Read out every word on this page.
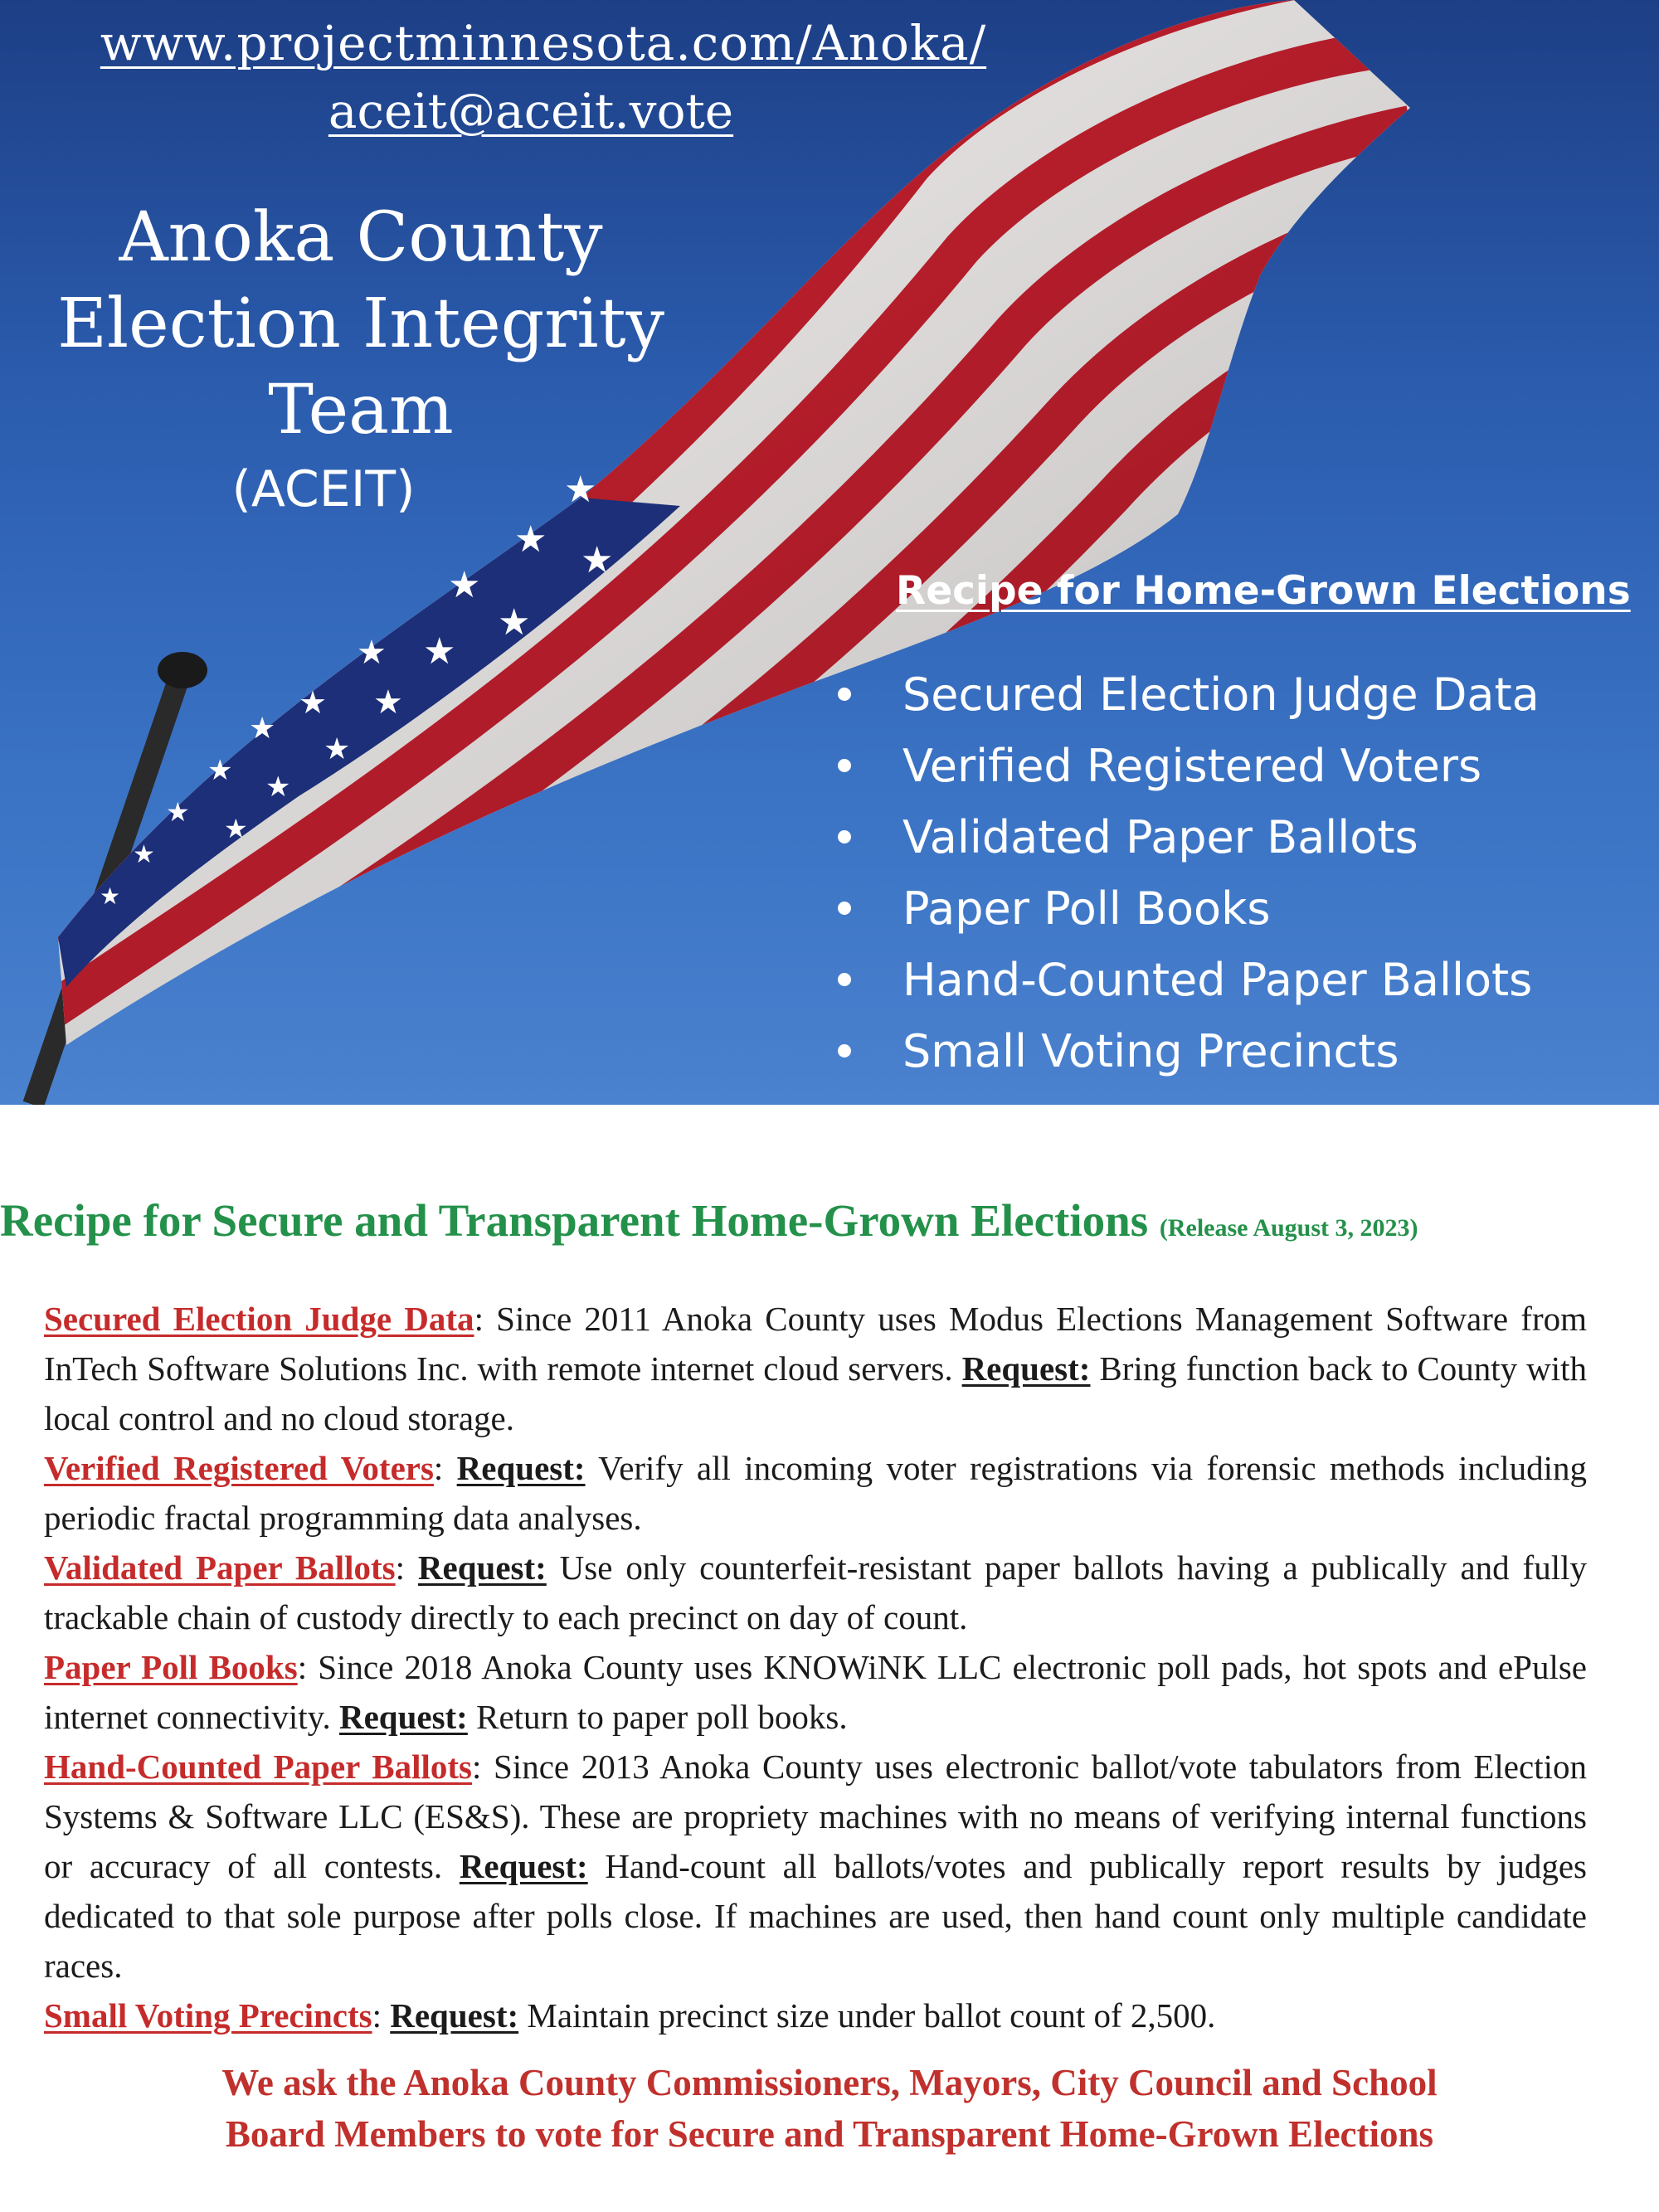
★
★ ★
★
★
★
★
★
★
★
★
★ ★
★
★
★
★
www.projectminnesota.com/Anoka/
aceit@aceit.vote
Anoka County
Election Integrity
Team
(ACEIT)
Recipe for Home-Grown Elections
Secured Election Judge Data
Verified Registered Voters
Validated Paper Ballots
Paper Poll Books
Hand-Counted Paper Ballots
Small Voting Precincts
Recipe for Secure and Transparent Home-Grown Elections (Release August 3, 2023)

Secured Election Judge Data: Since 2011 Anoka County uses Modus Elections Management Software from InTech Software Solutions Inc. with remote internet cloud servers. Request: Bring function back to County with local control and no cloud storage.

Verified Registered Voters: Request: Verify all incoming voter registrations via forensic methods including periodic fractal programming data analyses.

Validated Paper Ballots: Request: Use only counterfeit-resistant paper ballots having a publically and fully trackable chain of custody directly to each precinct on day of count.

Paper Poll Books: Since 2018 Anoka County uses KNOWiNK LLC electronic poll pads, hot spots and ePulse internet connectivity. Request: Return to paper poll books.

Hand-Counted Paper Ballots: Since 2013 Anoka County uses electronic ballot/vote tabulators from Election Systems & Software LLC (ES&S). These are propriety machines with no means of verifying internal functions or accuracy of all contests. Request: Hand-count all ballots/votes and publically report results by judges dedicated to that sole purpose after polls close. If machines are used, then hand count only multiple candidate races.

Small Voting Precincts: Request: Maintain precinct size under ballot count of 2,500.

We ask the Anoka County Commissioners, Mayors, City Council and School
Board Members to vote for Secure and Transparent Home-Grown Elections
